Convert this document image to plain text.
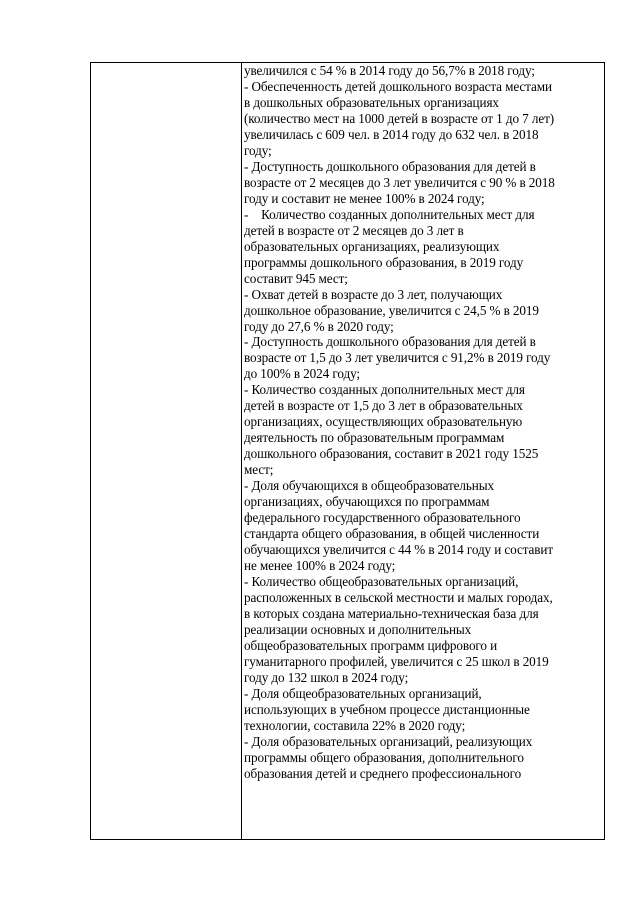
увеличился с 54 % в 2014 году до 56,7% в 2018 году;

- Обеспеченность детей дошкольного возраста местами

в дошкольных образовательных организациях

(количество мест на 1000 детей в возрасте от 1 до 7 лет)

увеличилась с 609 чел. в 2014 году до 632 чел. в 2018

году;

- Доступность дошкольного образования для детей в

возрасте от 2 месяцев до 3 лет увеличится с 90 % в 2018

году и составит не менее 100% в 2024 году;

-    Количество созданных дополнительных мест для

детей в возрасте от 2 месяцев до 3 лет в

образовательных организациях, реализующих

программы дошкольного образования, в 2019 году

составит 945 мест;

- Охват детей в возрасте до 3 лет, получающих

дошкольное образование, увеличится с 24,5 % в 2019

году до 27,6 % в 2020 году;

- Доступность дошкольного образования для детей в

возрасте от 1,5 до 3 лет увеличится с 91,2% в 2019 году

до 100% в 2024 году;

- Количество созданных дополнительных мест для

детей в возрасте от 1,5 до 3 лет в образовательных

организациях, осуществляющих образовательную

деятельность по образовательным программам

дошкольного образования, составит в 2021 году 1525

мест;

- Доля обучающихся в общеобразовательных

организациях, обучающихся по программам

федерального государственного образовательного

стандарта общего образования, в общей численности

обучающихся увеличится с 44 % в 2014 году и составит

не менее 100% в 2024 году;

- Количество общеобразовательных организаций,

расположенных в сельской местности и малых городах,

в которых создана материально-техническая база для

реализации основных и дополнительных

общеобразовательных программ цифрового и

гуманитарного профилей, увеличится с 25 школ в 2019

году до 132 школ в 2024 году;

- Доля общеобразовательных организаций,

использующих в учебном процессе дистанционные

технологии, составила 22% в 2020 году;

- Доля образовательных организаций, реализующих

программы общего образования, дополнительного

образования детей и среднего профессионального
